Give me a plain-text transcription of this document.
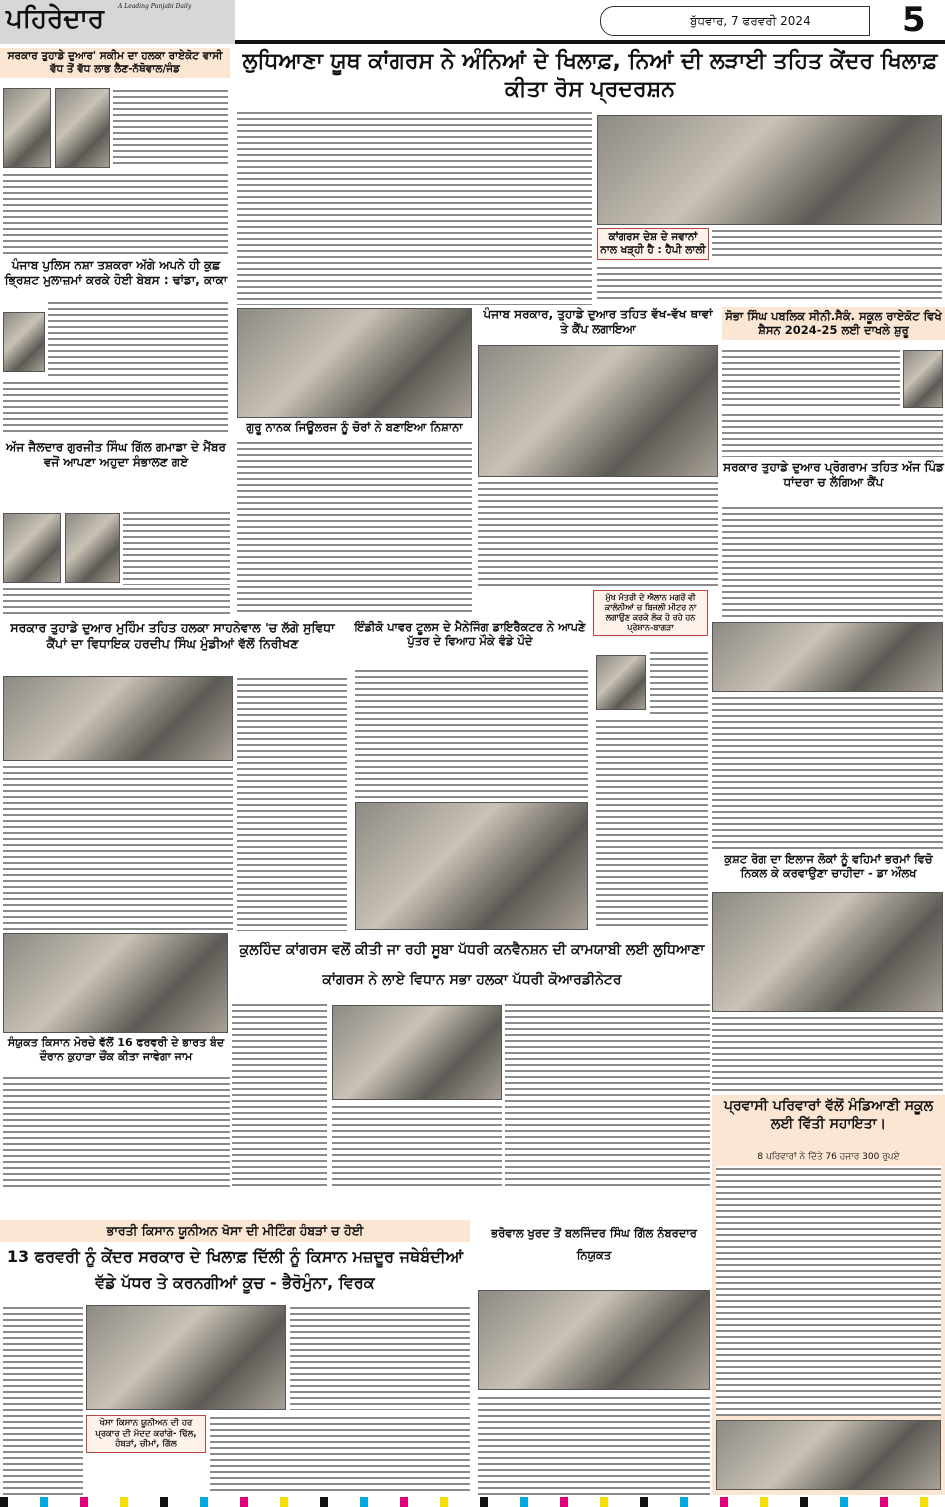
ਪਹਿਰੇਦਾਰ A Leading Punjabi Daily
ਬੁੱਧਵਾਰ, 7 ਫਰਵਰੀ 2024	5
ਲੁਧਿਆਣਾ ਯੂਥ ਕਾਂਗਰਸ ਨੇ ਅੰਨਿਆਂ ਦੇ ਖਿਲਾਫ਼, ਨਿਆਂ ਦੀ ਲੜਾਈ ਤਹਿਤ ਕੇਂਦਰ ਖਿਲਾਫ਼ ਕੀਤਾ ਰੋਸ ਪ੍ਰਦਰਸ਼ਨ
ਸਰਕਾਰ ਤੁਹਾਡੇ ਦੁਆਰ' ਸਕੀਮ ਦਾ ਹਲਕਾ ਰਾਏਕੋਟ ਵਾਸੀ ਵੱਧ ਤੋਂ ਵੱਧ ਲਾਭ ਲੈਣ-ਨੱਥੋਵਾਲ/ਜੰਡ
ਪੰਜਾਬ ਪੁਲਿਸ ਨਸ਼ਾ ਤਸ਼ਕਰਾ ਅੱਗੇ ਅਪਨੇ ਹੀ ਕੁਛ ਭ੍ਰਿਸ਼ਟ ਮੁਲਾਜ਼ਮਾਂ ਕਰਕੇ ਹੋਈ ਬੇਬਸ : ਢਾਂਡਾ, ਕਾਕਾ
ਅੱਜ ਜੈਲਦਾਰ ਗੁਰਜੀਤ ਸਿੰਘ ਗਿੱਲ ਗਮਾਡਾ ਦੇ ਮੈਂਬਰ ਵਜੋਂ ਆਪਣਾ ਅਹੁਦਾ ਸੰਭਾਲਣ ਗਏ
ਗੁਰੂ ਨਾਨਕ ਜਿਊਲਰਜ ਨੂੰ ਚੋਰਾਂ ਨੇ ਬਣਾਇਆ ਨਿਸ਼ਾਨਾ
ਕਾਂਗਰਸ ਦੇਸ਼ ਦੇ ਜਵਾਨਾਂ ਨਾਲ ਖੜ੍ਹੀ ਹੈ : ਹੈਪੀ ਲਾਲੀ
ਪੰਜਾਬ ਸਰਕਾਰ, ਤੁਹਾਡੇ ਦੁਆਰ ਤਹਿਤ ਵੱਖ-ਵੱਖ ਥਾਵਾਂ ਤੇ ਕੈਂਪ ਲਗਾਇਆ
ਸੋਭਾ ਸਿੰਘ ਪਬਲਿਕ ਸੀਨੀ.ਸੈਕੰ. ਸਕੂਲ ਰਾਏਕੋਟ ਵਿਖੇ ਸ਼ੈਸਨ 2024-25 ਲਈ ਦਾਖਲੇ ਸ਼ੁਰੂ
ਸਰਕਾਰ ਤੁਹਾਡੇ ਦੁਆਰ ਪ੍ਰੋਗਰਾਮ ਤਹਿਤ ਅੱਜ ਪਿੰਡ ਧਾਂਦਰਾ ਚ ਲੱਗਿਆ ਕੈਂਪ
ਕੁਸ਼ਟ ਰੋਗ ਦਾ ਇਲਾਜ ਲੋਕਾਂ ਨੂੰ ਵਹਿਮਾਂ ਭਰਮਾਂ ਵਿਚੋ ਨਿਕਲ ਕੇ ਕਰਵਾਉਣਾ ਚਾਹੀਦਾ - ਡਾ ਔਲਖ
ਪ੍ਰਵਾਸੀ ਪਰਿਵਾਰਾਂ ਵੱਲੋਂ ਮੰਡਿਆਣੀ ਸਕੂਲ ਲਈ ਵਿੱਤੀ ਸਹਾਇਤਾ।
8 ਪਰਿਵਾਰਾਂ ਨੇ ਦਿੱਤੇ 76 ਹਜਾਰ 300 ਰੁਪਏ
ਸਰਕਾਰ ਤੁਹਾਡੇ ਦੁਆਰ ਮੁਹਿੰਮ ਤਹਿਤ ਹਲਕਾ ਸਾਹਨੇਵਾਲ 'ਚ ਲੱਗੇ ਸੁਵਿਧਾ ਕੈਂਪਾਂ ਦਾ ਵਿਧਾਇਕ ਹਰਦੀਪ ਸਿੰਘ ਮੁੰਡੀਆਂ ਵੱਲੋਂ ਨਿਰੀਖਣ
ਸੰਯੁਕਤ ਕਿਸਾਨ ਮੋਰਚੇ ਵੱਲੋਂ 16 ਫਰਵਰੀ ਦੇ ਭਾਰਤ ਬੰਦ ਦੌਰਾਨ ਕੁਹਾੜਾ ਚੌਂਕ ਕੀਤਾ ਜਾਵੇਗਾ ਜਾਮ
ਇੰਡੀਕੋ ਪਾਵਰ ਟੂਲਸ ਦੇ ਮੈਨੇਜਿੰਗ ਡਾਇਰੈਕਟਰ ਨੇ ਆਪਣੇ ਪੁੱਤਰ ਦੇ ਵਿਆਹ ਮੌਕੇ ਵੰਡੇ ਪੌਦੇ
ਮੁੱਖ ਮੰਤਰੀ ਦੇ ਐਲਾਨ ਮਗਰੋਂ ਵੀ ਕਾਲੋਨੀਆਂ ਚ ਬਿਜਲੀ ਮੀਟਰ ਨਾ ਲਗਾਉਣ ਕਰਕੇ ਲੋਕ ਹੋ ਰਹੇ ਹਨ ਪ੍ਰੇਸ਼ਾਨ-ਬਾਗੜਾ
ਕੁਲਹਿੰਦ ਕਾਂਗਰਸ ਵਲੋਂ ਕੀਤੀ ਜਾ ਰਹੀ ਸੂਬਾ ਪੱਧਰੀ ਕਨਵੈਨਸ਼ਨ ਦੀ ਕਾਮਯਾਬੀ ਲਈ ਲੁਧਿਆਣਾ ਕਾਂਗਰਸ ਨੇ ਲਾਏ ਵਿਧਾਨ ਸਭਾ ਹਲਕਾ ਪੱਧਰੀ ਕੋਆਰਡੀਨੇਟਰ
ਭਾਰਤੀ ਕਿਸਾਨ ਯੂਨੀਅਨ ਖੋਸਾ ਦੀ ਮੀਟਿੰਗ ਹੰਬੜਾਂ ਚ ਹੋਈ
13 ਫਰਵਰੀ ਨੂੰ ਕੇਂਦਰ ਸਰਕਾਰ ਦੇ ਖਿਲਾਫ਼ ਦਿੱਲੀ ਨੂੰ ਕਿਸਾਨ ਮਜ਼ਦੂਰ ਜਥੇਬੰਦੀਆਂ ਵੱਡੇ ਪੱਧਰ ਤੇ ਕਰਨਗੀਆਂ ਕੂਚ - ਭੈਰੋਮੁੰਨਾ, ਵਿਰਕ
ਖੋਸਾ ਕਿਸਾਨ ਯੂਨੀਅਨ ਦੀ ਹਰ ਪ੍ਰਕਾਰ ਦੀ ਮੱਦਦ ਕਰਾਂਗੇ- ਢਿੱਲ, ਹੰਬੜਾਂ, ਚੀਮਾਂ, ਗਿੱਲ
ਭਰੋਵਾਲ ਖੁਰਦ ਤੋਂ ਬਲਜਿੰਦਰ ਸਿੰਘ ਗਿੱਲ ਨੰਬਰਦਾਰ ਨਿਯੁਕਤ
